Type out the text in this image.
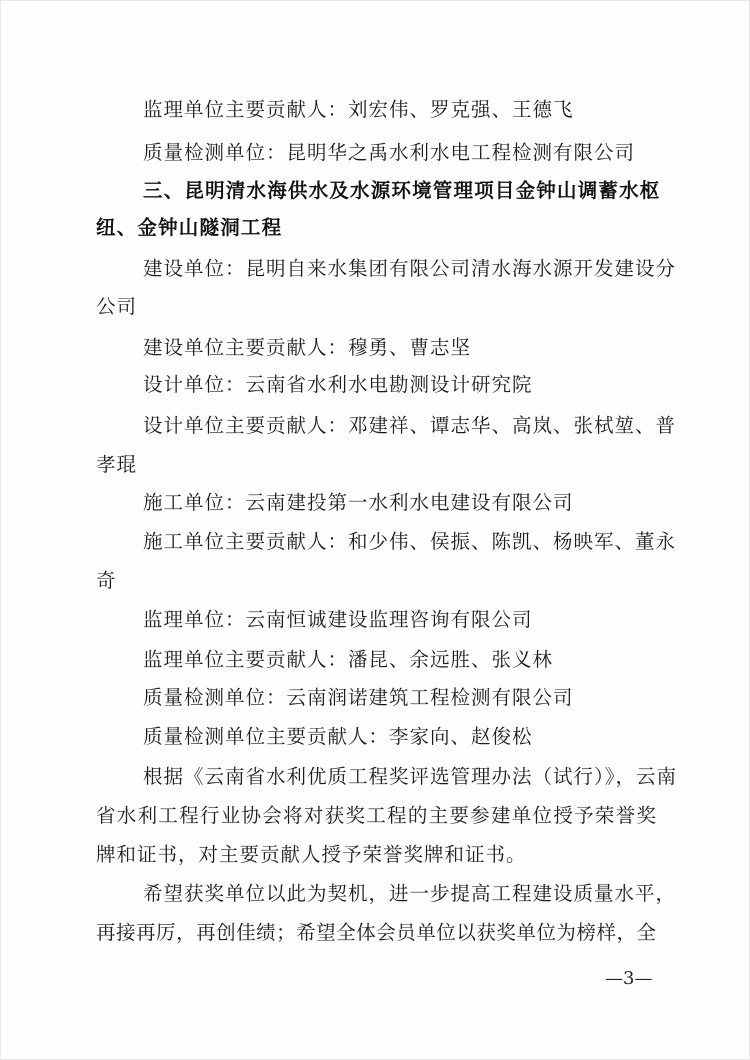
监理单位主要贡献人：刘宏伟、罗克强、王德飞
质量检测单位：昆明华之禹水利水电工程检测有限公司
三、昆明清水海供水及水源环境管理项目金钟山调蓄水枢
纽、金钟山隧洞工程
建设单位：昆明自来水集团有限公司清水海水源开发建设分
公司
建设单位主要贡献人：穆勇、曹志坚
设计单位：云南省水利水电勘测设计研究院
设计单位主要贡献人：邓建祥、谭志华、高岚、张栻堃、普
孝琨
施工单位：云南建投第一水利水电建设有限公司
施工单位主要贡献人：和少伟、侯振、陈凯、杨映军、董永
奇
监理单位：云南恒诚建设监理咨询有限公司
监理单位主要贡献人：潘昆、余远胜、张义林
质量检测单位：云南润诺建筑工程检测有限公司
质量检测单位主要贡献人：李家向、赵俊松
根据《云南省水利优质工程奖评选管理办法（试行）》，云南
省水利工程行业协会将对获奖工程的主要参建单位授予荣誉奖
牌和证书，对主要贡献人授予荣誉奖牌和证书。
希望获奖单位以此为契机，进一步提高工程建设质量水平，
再接再厉，再创佳绩；希望全体会员单位以获奖单位为榜样，全
—3—
